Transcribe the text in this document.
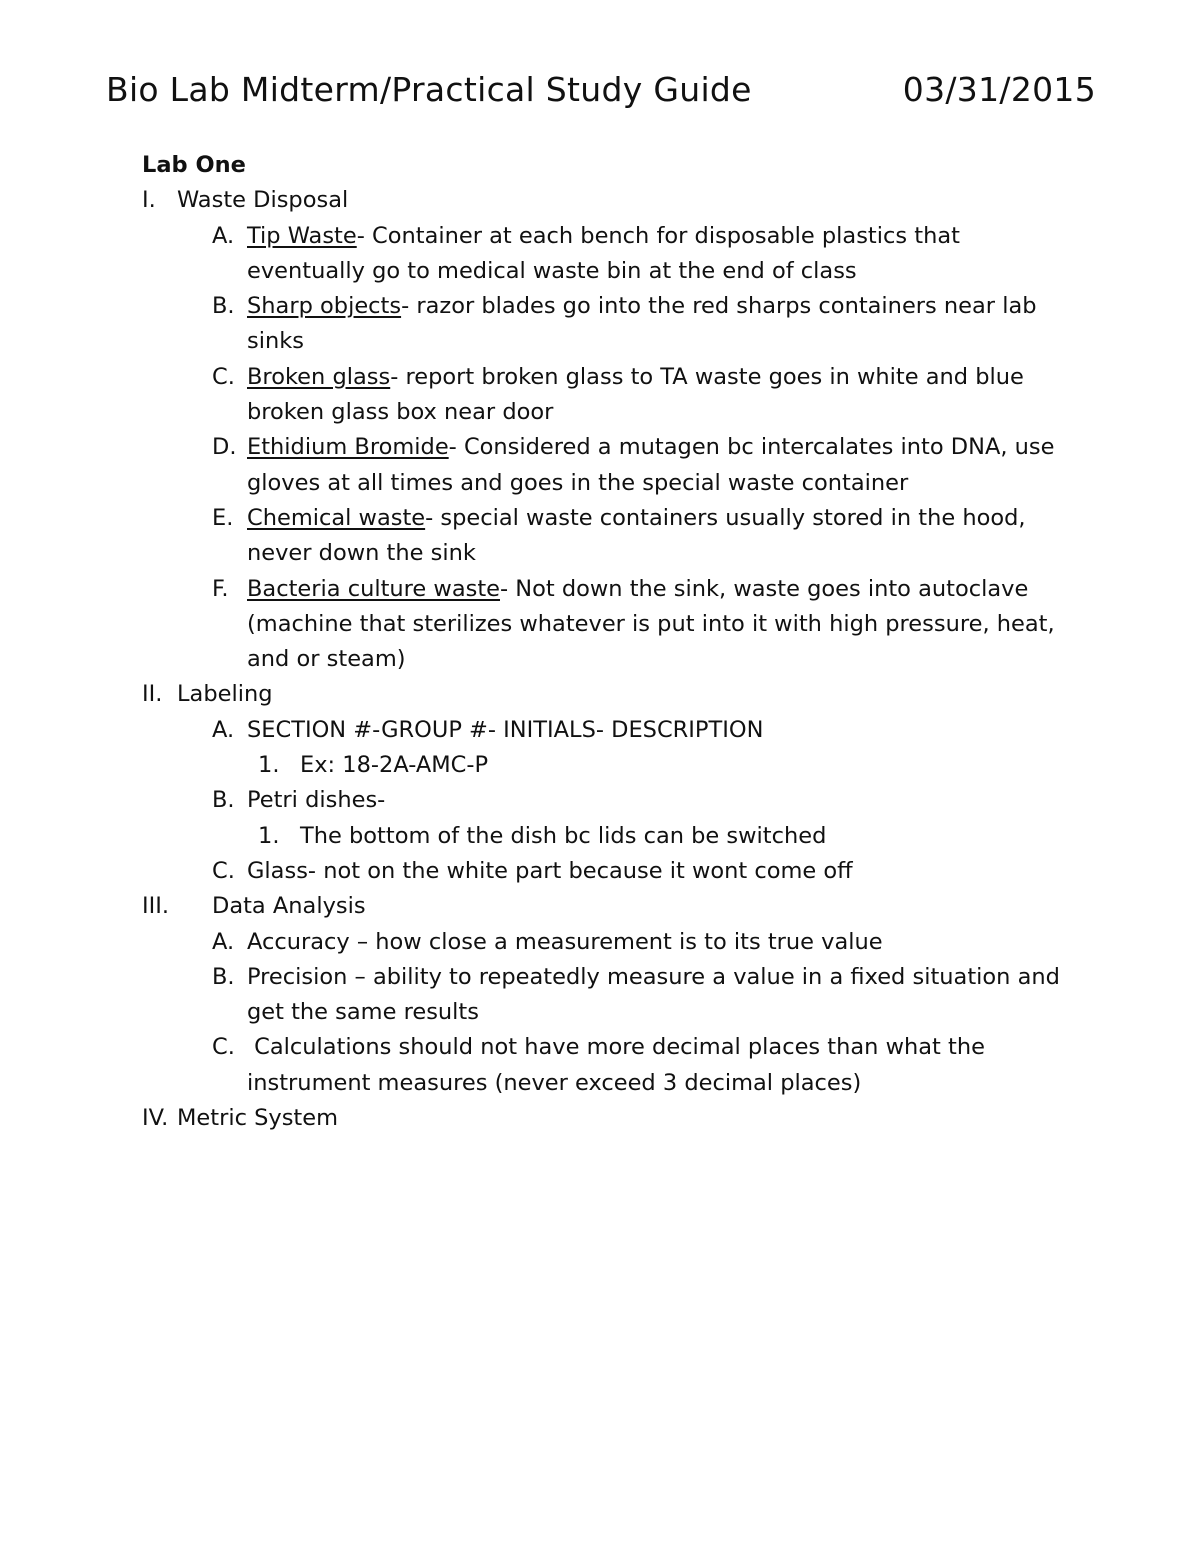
Bio Lab Midterm/Practical Study Guide	03/31/2015
Lab One
I. Waste Disposal
A. Tip Waste- Container at each bench for disposable plastics that eventually go to medical waste bin at the end of class
B. Sharp objects- razor blades go into the red sharps containers near lab sinks
C. Broken glass- report broken glass to TA waste goes in white and blue broken glass box near door
D. Ethidium Bromide- Considered a mutagen bc intercalates into DNA, use gloves at all times and goes in the special waste container
E. Chemical waste- special waste containers usually stored in the hood, never down the sink
F. Bacteria culture waste- Not down the sink, waste goes into autoclave (machine that sterilizes whatever is put into it with high pressure, heat, and or steam)
II. Labeling
A. SECTION #-GROUP #- INITIALS- DESCRIPTION
1. Ex: 18-2A-AMC-P
B. Petri dishes-
1. The bottom of the dish bc lids can be switched
C. Glass- not on the white part because it wont come off
III. Data Analysis
A. Accuracy – how close a measurement is to its true value
B. Precision – ability to repeatedly measure a value in a fixed situation and get the same results
C. Calculations should not have more decimal places than what the instrument measures (never exceed 3 decimal places)
IV. Metric System
